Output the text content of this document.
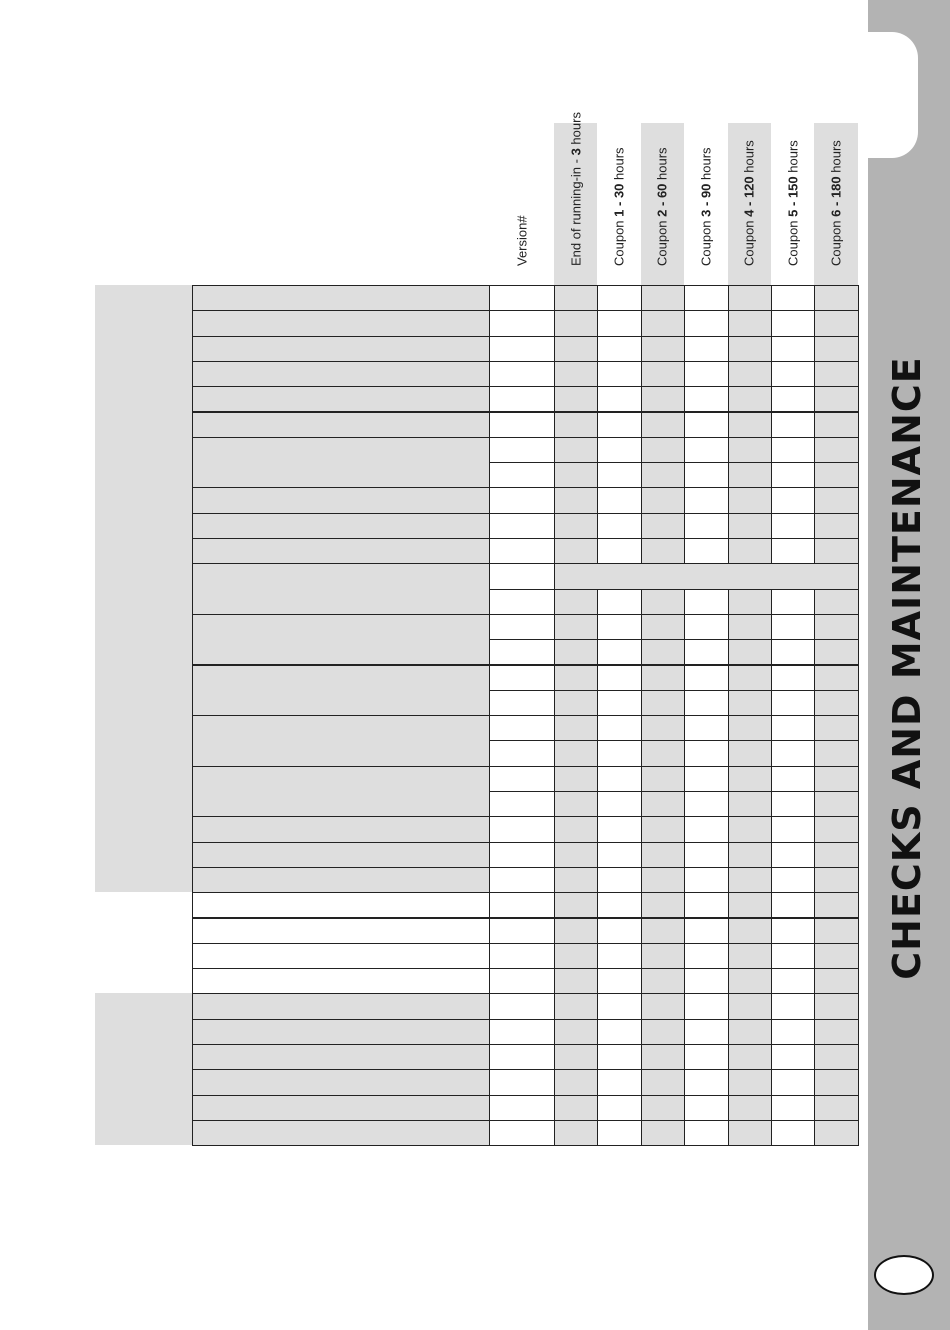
CHECKS AND MAINTENANCE
Version#	End of running-in - 3 hours
Coupon 1 - 30 hours
Coupon 2 - 60 hours
Coupon 3 - 90 hours
Coupon 4 - 120 hours
Coupon 5 - 150 hours
Coupon 6 - 180 hours
